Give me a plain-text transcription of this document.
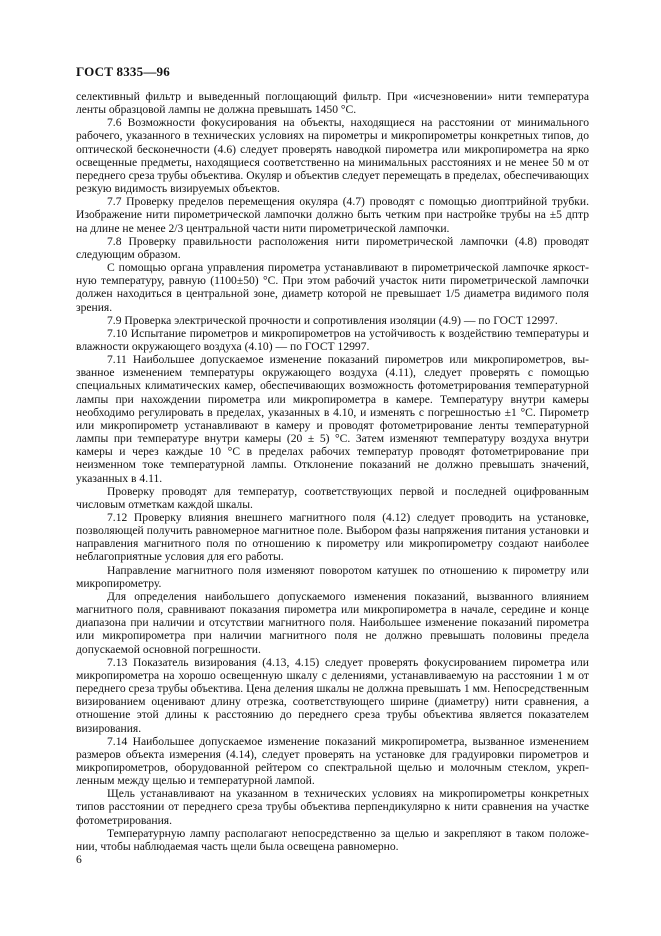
ГОСТ 8335—96

селективный фильтр и выведенный поглощающий фильтр. При «исчезновении» нити температура ленты образцовой лампы не должна превышать 1450 °С.

7.6 Возможности фокусирования на объекты, находящиеся на расстоянии от минимального рабочего, указанного в технических условиях на пирометры и микропирометры конкретных типов, до оптической бесконечности (4.6) следует проверять наводкой пирометра или микропирометра на ярко освещенные предметы, находящиеся соответственно на минимальных расстояниях и не менее 50 м от переднего среза трубы объектива. Окуляр и объектив следует перемещать в пределах, обеспечивающих резкую видимость визируемых объектов.

7.7 Проверку пределов перемещения окуляра (4.7) проводят с помощью диоптрийной трубки. Изображение нити пирометрической лампочки должно быть четким при настройке трубы на ±5 дптр на длине не менее 2/3 центральной части нити пирометрической лампочки.

7.8 Проверку правильности расположения нити пирометрической лампочки (4.8) проводят следующим образом.

С помощью органа управления пирометра устанавливают в пирометрической лампочке яркостную температуру, равную (1100±50) °С. При этом рабочий участок нити пирометрической лампочки должен находиться в центральной зоне, диаметр которой не превышает 1/5 диаметра видимого поля зрения.

7.9 Проверка электрической прочности и сопротивления изоляции (4.9) — по ГОСТ 12997.

7.10 Испытание пирометров и микропирометров на устойчивость к воздействию температуры и влажности окружающего воздуха (4.10) — по ГОСТ 12997.

7.11 Наибольшее допускаемое изменение показаний пирометров или микропирометров, вызванное изменением температуры окружающего воздуха (4.11), следует проверять с помощью специальных климатических камер, обеспечивающих возможность фотометрирования температурной лампы при нахождении пирометра или микропирометра в камере. Температуру внутри камеры необходимо регулировать в пределах, указанных в 4.10, и изменять с погрешностью ±1 °С. Пирометр или микропирометр устанавливают в камеру и проводят фотометрирование ленты температурной лампы при температуре внутри камеры (20 ± 5) °С. Затем изменяют температуру воздуха внутри камеры и через каждые 10 °С в пределах рабочих температур проводят фотометрирование при неизменном токе температурной лампы. Отклонение показаний не должно превышать значений, указанных в 4.11.

Проверку проводят для температур, соответствующих первой и последней оцифрованным числовым отметкам каждой шкалы.

7.12 Проверку влияния внешнего магнитного поля (4.12) следует проводить на установке, позволяющей получить равномерное магнитное поле. Выбором фазы напряжения питания установки и направления магнитного поля по отношению к пирометру или микропирометру создают наиболее неблагоприятные условия для его работы.

Направление магнитного поля изменяют поворотом катушек по отношению к пирометру или микропирометру.

Для определения наибольшего допускаемого изменения показаний, вызванного влиянием магнитного поля, сравнивают показания пирометра или микропирометра в начале, середине и конце диапазона при наличии и отсутствии магнитного поля. Наибольшее изменение показаний пирометра или микропирометра при наличии магнитного поля не должно превышать половины предела допускаемой основной погрешности.

7.13 Показатель визирования (4.13, 4.15) следует проверять фокусированием пирометра или микропирометра на хорошо освещенную шкалу с делениями, устанавливаемую на расстоянии 1 м от переднего среза трубы объектива. Цена деления шкалы не должна превышать 1 мм. Непосредственным визированием оценивают длину отрезка, соответствующего ширине (диаметру) нити сравнения, а отношение этой длины к расстоянию до переднего среза трубы объектива является показателем визирования.

7.14 Наибольшее допускаемое изменение показаний микропирометра, вызванное изменением размеров объекта измерения (4.14), следует проверять на установке для градуировки пирометров и микропирометров, оборудованной рейтером со спектральной щелью и молочным стеклом, укрепленным между щелью и температурной лампой.

Щель устанавливают на указанном в технических условиях на микропирометры конкретных типов расстоянии от переднего среза трубы объектива перпендикулярно к нити сравнения на участке фотометрирования.

Температурную лампу располагают непосредственно за щелью и закрепляют в таком положении, чтобы наблюдаемая часть щели была освещена равномерно.

6
